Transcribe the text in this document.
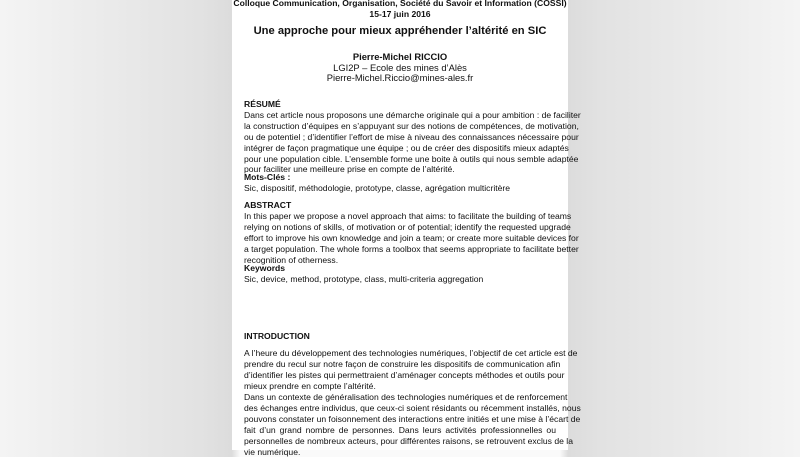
Colloque Communication, Organisation, Société du Savoir et Information (COSSI)
15-17 juin 2016
Une approche pour mieux appréhender l’altérité en SIC
Pierre-Michel RICCIO
LGI2P – Ecole des mines d’Alès
Pierre-Michel.Riccio@mines-ales.fr
RÉSUMÉ
Dans cet article nous proposons une démarche originale qui a pour ambition : de faciliter
la construction d’équipes en s’appuyant sur des notions de compétences, de motivation,
ou de potentiel ; d’identifier l’effort de mise à niveau des connaissances nécessaire pour
intégrer de façon pragmatique une équipe ; ou de créer des dispositifs mieux adaptés
pour une population cible. L’ensemble forme une boite à outils qui nous semble adaptée
pour faciliter une meilleure prise en compte de l’altérité.
Mots-Clés :
Sic, dispositif, méthodologie, prototype, classe, agrégation multicritère
ABSTRACT
In this paper we propose a novel approach that aims: to facilitate the building of teams
relying on notions of skills, of motivation or of potential; identify the requested upgrade
effort to improve his own knowledge and join a team; or create more suitable devices for
a target population. The whole forms a toolbox that seems appropriate to facilitate better
recognition of otherness.
Keywords
Sic, device, method, prototype, class, multi-criteria aggregation
INTRODUCTION
A l’heure du développement des technologies numériques, l’objectif de cet article est de
prendre du recul sur notre façon de construire les dispositifs de communication afin
d’identifier les pistes qui permettraient d’aménager concepts méthodes et outils pour
mieux prendre en compte l’altérité.
Dans un contexte de généralisation des technologies numériques et de renforcement
des échanges entre individus, que ceux-ci soient résidants ou récemment installés, nous
pouvons constater un foisonnement des interactions entre initiés et une mise à l’écart de
fait d’un grand nombre de personnes. Dans leurs activités professionnelles ou
personnelles de nombreux acteurs, pour différentes raisons, se retrouvent exclus de la
vie numérique.
